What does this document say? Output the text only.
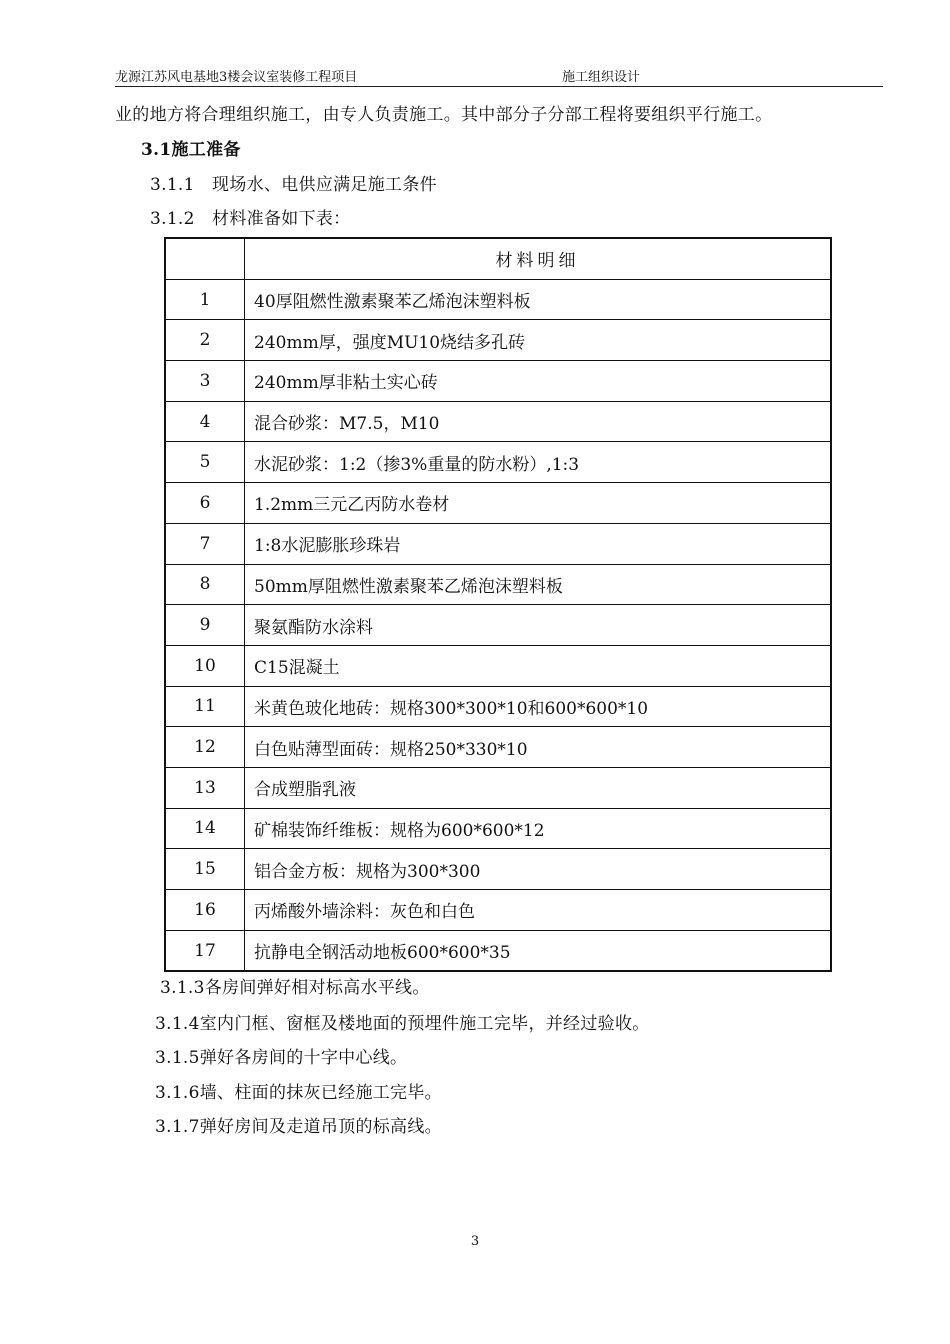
龙源江苏风电基地3楼会议室装修工程项目	施工组织设计
业的地方将合理组织施工，由专人负责施工。其中部分子分部工程将要组织平行施工。
3.1施工准备
3.1.1　现场水、电供应满足施工条件
3.1.2　材料准备如下表：
	材料明细
1	40厚阻燃性激素聚苯乙烯泡沫塑料板
2	240mm厚，强度MU10烧结多孔砖
3	240mm厚非粘土实心砖
4	混合砂浆：M7.5，M10
5	水泥砂浆：1:2（掺3%重量的防水粉）,1:3
6	1.2mm三元乙丙防水卷材
7	1:8水泥膨胀珍珠岩
8	50mm厚阻燃性激素聚苯乙烯泡沫塑料板
9	聚氨酯防水涂料
10	C15混凝土
11	米黄色玻化地砖：规格300*300*10和600*600*10
12	白色贴薄型面砖：规格250*330*10
13	合成塑脂乳液
14	矿棉装饰纤维板：规格为600*600*12
15	铝合金方板：规格为300*300
16	丙烯酸外墙涂料：灰色和白色
17	抗静电全钢活动地板600*600*35
3.1.3各房间弹好相对标高水平线。
3.1.4室内门框、窗框及楼地面的预埋件施工完毕，并经过验收。
3.1.5弹好各房间的十字中心线。
3.1.6墙、柱面的抹灰已经施工完毕。
3.1.7弹好房间及走道吊顶的标高线。
3
